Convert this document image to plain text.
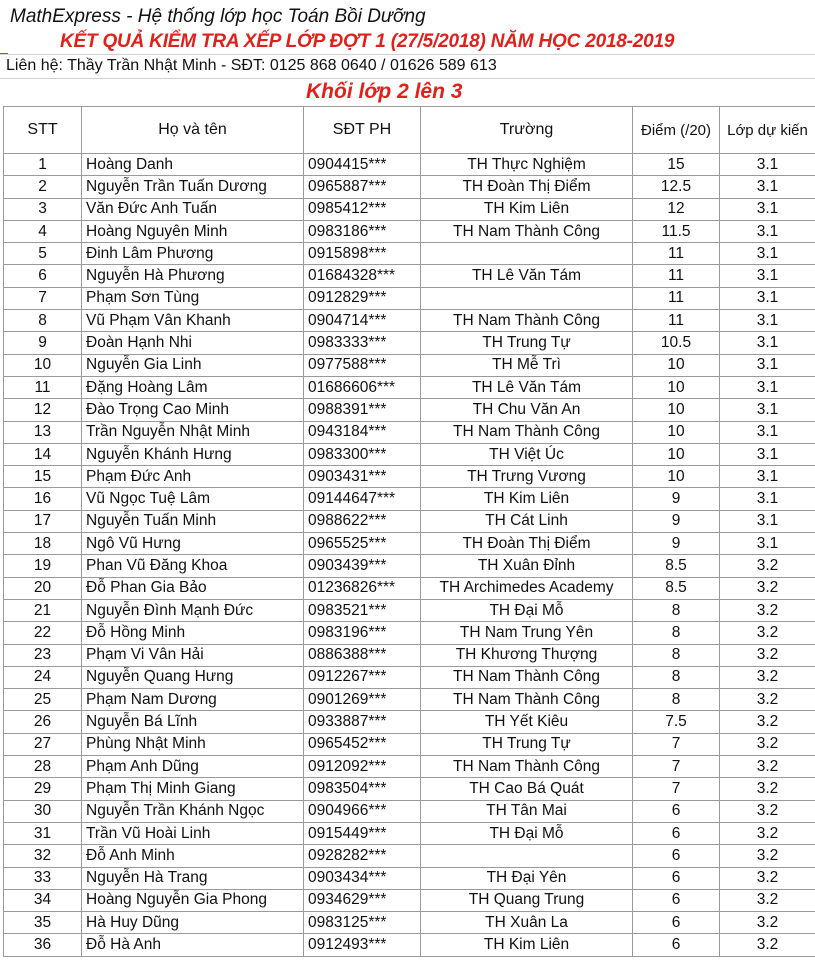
MathExpress - Hệ thống lớp học Toán Bồi Dưỡng
KẾT QUẢ KIỂM TRA XẾP LỚP ĐỢT 1 (27/5/2018) NĂM HỌC 2018-2019
Liên hệ: Thầy Trần Nhật Minh - SĐT: 0125 868 0640 / 01626 589 613
Khối lớp 2 lên 3
STT	Họ và tên	SĐT PH	Trường	Điểm (/20)	Lớp dự kiến
1	Hoàng Danh	0904415***	TH Thực Nghiệm	15	3.1
2	Nguyễn Trần Tuấn Dương	0965887***	TH Đoàn Thị Điểm	12.5	3.1
3	Văn Đức Anh Tuấn	0985412***	TH Kim Liên	12	3.1
4	Hoàng Nguyên Minh	0983186***	TH Nam Thành Công	11.5	3.1
5	Đinh Lâm Phương	0915898***		11	3.1
6	Nguyễn Hà Phương	01684328***	TH Lê Văn Tám	11	3.1
7	Phạm Sơn Tùng	0912829***		11	3.1
8	Vũ Phạm Vân Khanh	0904714***	TH Nam Thành Công	11	3.1
9	Đoàn Hạnh Nhi	0983333***	TH Trung Tự	10.5	3.1
10	Nguyễn Gia Linh	0977588***	TH Mễ Trì	10	3.1
11	Đặng Hoàng Lâm	01686606***	TH Lê Văn Tám	10	3.1
12	Đào Trọng Cao Minh	0988391***	TH Chu Văn An	10	3.1
13	Trần Nguyễn Nhật Minh	0943184***	TH Nam Thành Công	10	3.1
14	Nguyễn Khánh Hưng	0983300***	TH Việt Úc	10	3.1
15	Phạm Đức Anh	0903431***	TH Trưng Vương	10	3.1
16	Vũ Ngọc Tuệ Lâm	09144647***	TH Kim Liên	9	3.1
17	Nguyễn Tuấn Minh	0988622***	TH Cát Linh	9	3.1
18	Ngô Vũ Hưng	0965525***	TH Đoàn Thị Điểm	9	3.1
19	Phan Vũ Đăng Khoa	0903439***	TH Xuân Đỉnh	8.5	3.2
20	Đỗ Phan Gia Bảo	01236826***	TH Archimedes Academy	8.5	3.2
21	Nguyễn Đình Mạnh Đức	0983521***	TH Đại Mỗ	8	3.2
22	Đỗ Hồng Minh	0983196***	TH Nam Trung Yên	8	3.2
23	Phạm Vi Vân Hải	0886388***	TH Khương Thượng	8	3.2
24	Nguyễn Quang Hưng	0912267***	TH Nam Thành Công	8	3.2
25	Phạm Nam Dương	0901269***	TH Nam Thành Công	8	3.2
26	Nguyễn Bá Lĩnh	0933887***	TH Yết Kiêu	7.5	3.2
27	Phùng Nhật Minh	0965452***	TH Trung Tự	7	3.2
28	Phạm Anh Dũng	0912092***	TH Nam Thành Công	7	3.2
29	Phạm Thị Minh Giang	0983504***	TH Cao Bá Quát	7	3.2
30	Nguyễn Trần Khánh Ngọc	0904966***	TH Tân Mai	6	3.2
31	Trần Vũ Hoài Linh	0915449***	TH Đại Mỗ	6	3.2
32	Đỗ Anh Minh	0928282***		6	3.2
33	Nguyễn Hà Trang	0903434***	TH Đại Yên	6	3.2
34	Hoàng Nguyễn Gia Phong	0934629***	TH Quang Trung	6	3.2
35	Hà Huy Dũng	0983125***	TH Xuân La	6	3.2
36	Đỗ Hà Anh	0912493***	TH Kim Liên	6	3.2
